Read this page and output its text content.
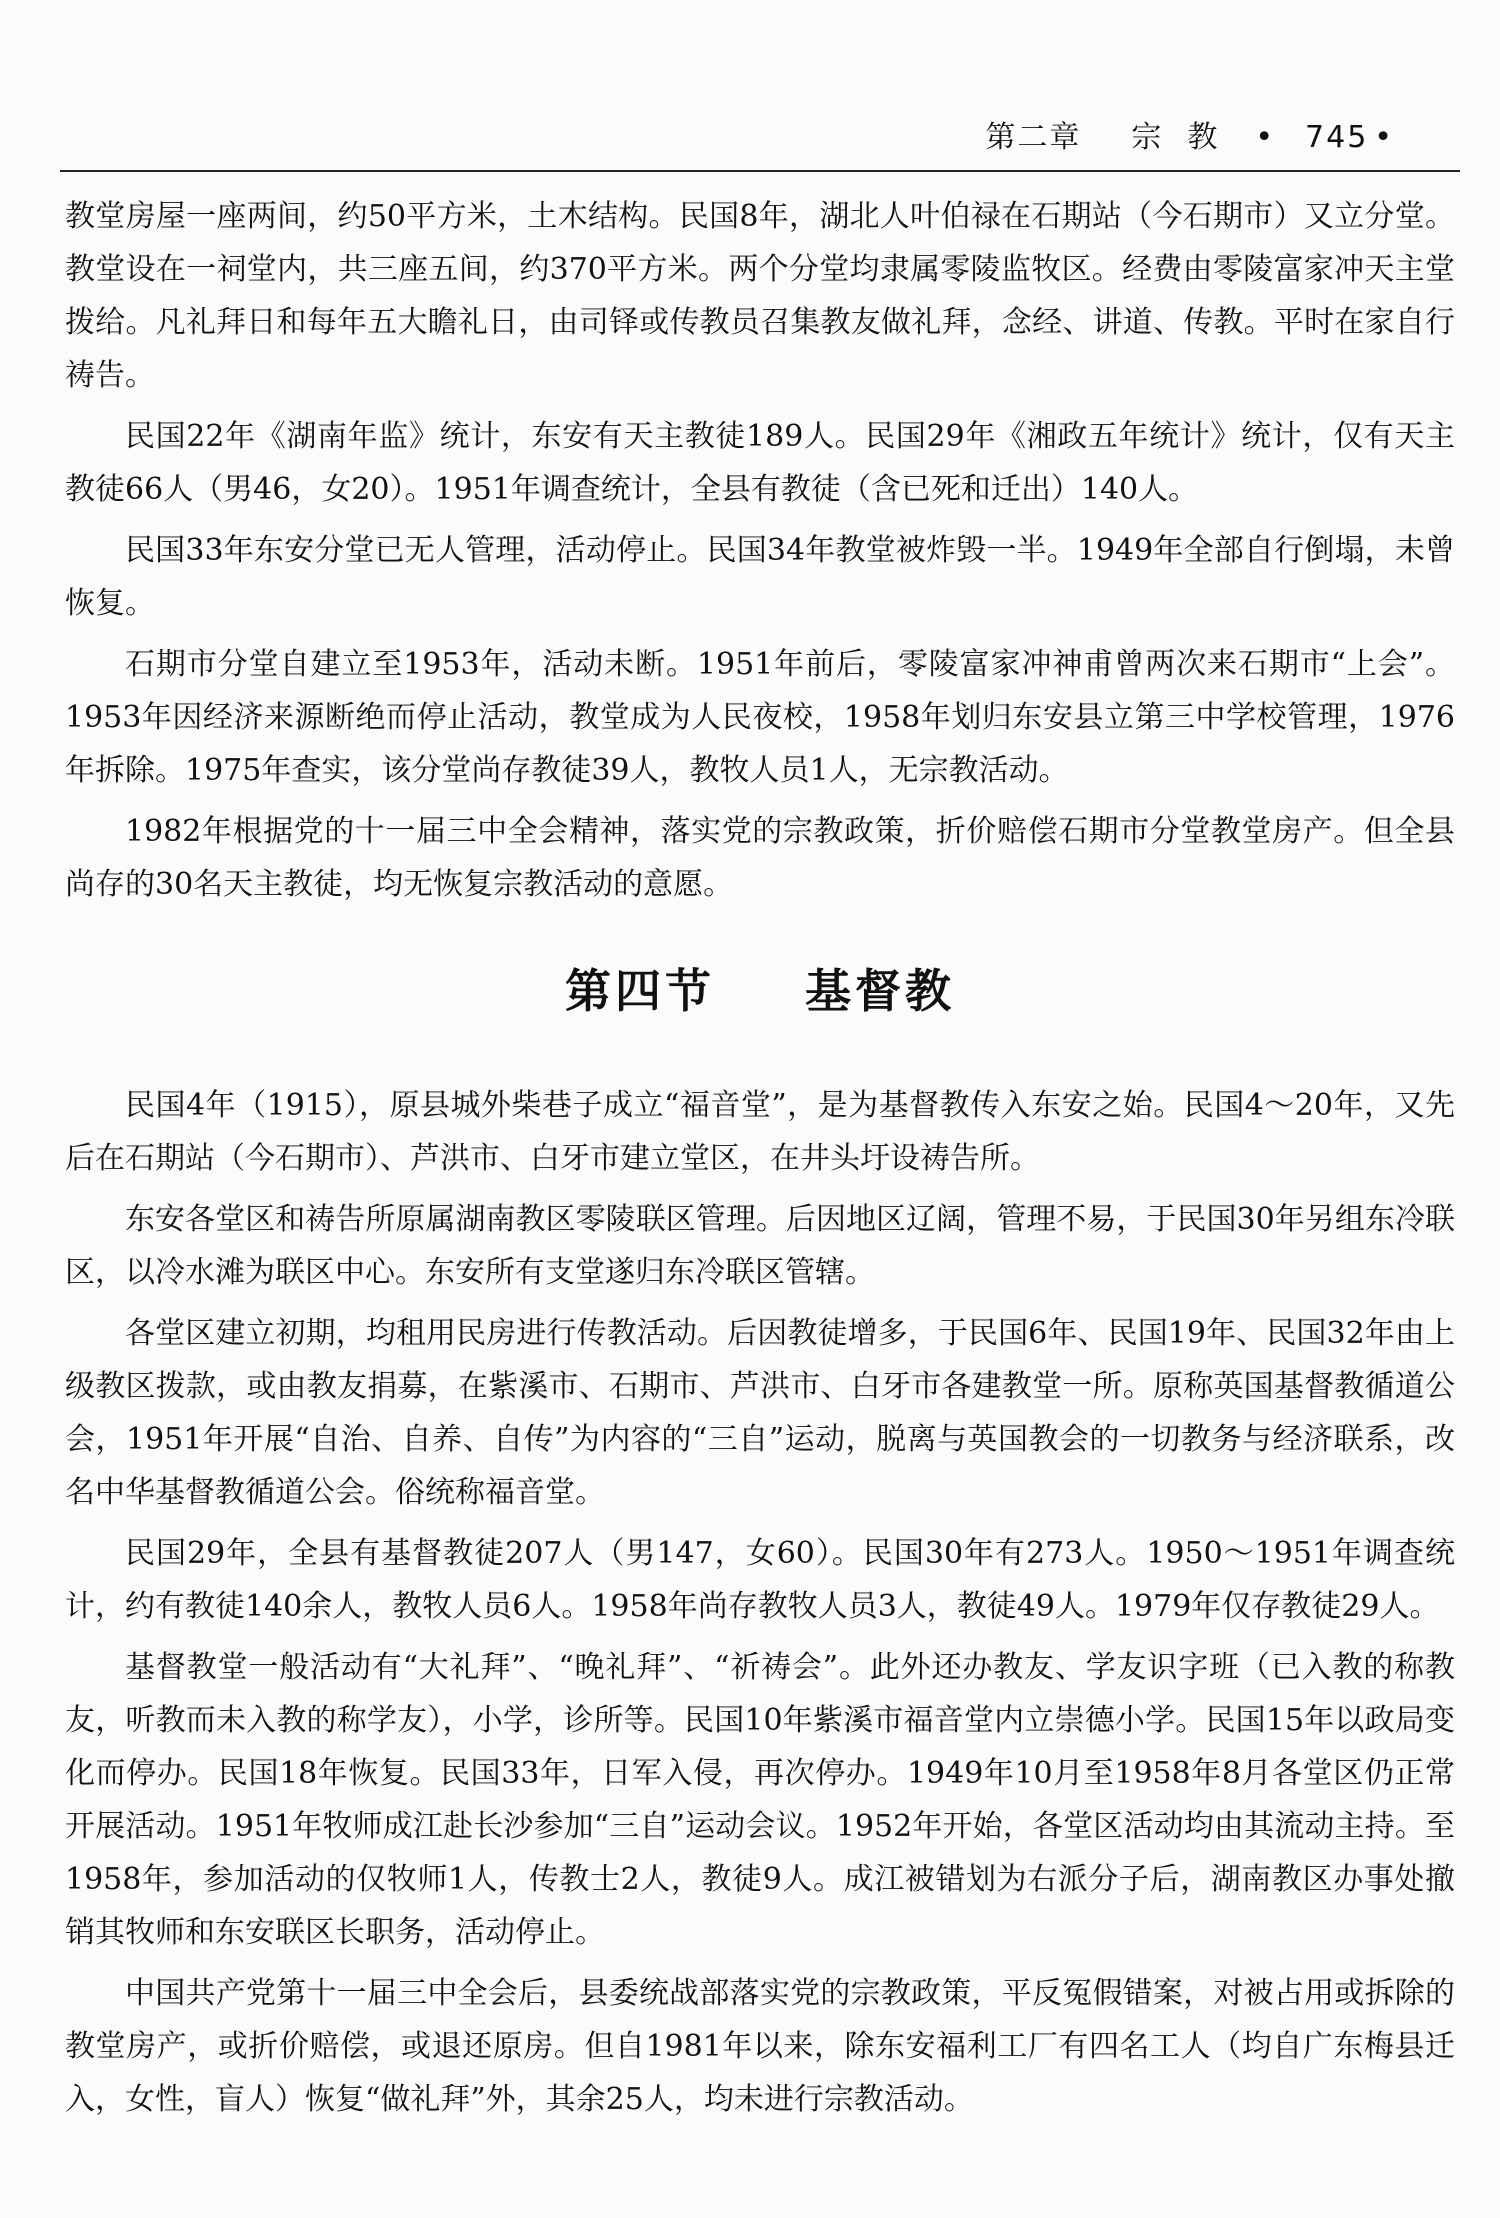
第二章 宗 教 • 745 •

教堂房屋一座两间，约50平方米，土木结构。民国8年，湖北人叶伯禄在石期站（今石期市）又立分堂。教堂设在一祠堂内，共三座五间，约370平方米。两个分堂均隶属零陵监牧区。经费由零陵富家冲天主堂拨给。凡礼拜日和每年五大瞻礼日，由司铎或传教员召集教友做礼拜，念经、讲道、传教。平时在家自行祷告。

民国22年《湖南年监》统计，东安有天主教徒189人。民国29年《湘政五年统计》统计，仅有天主教徒66人（男46，女20）。1951年调查统计，全县有教徒（含已死和迁出）140人。

民国33年东安分堂已无人管理，活动停止。民国34年教堂被炸毁一半。1949年全部自行倒塌，未曾恢复。

石期市分堂自建立至1953年，活动未断。1951年前后，零陵富家冲神甫曾两次来石期市“上会”。1953年因经济来源断绝而停止活动，教堂成为人民夜校，1958年划归东安县立第三中学校管理，1976年拆除。1975年查实，该分堂尚存教徒39人，教牧人员1人，无宗教活动。

1982年根据党的十一届三中全会精神，落实党的宗教政策，折价赔偿石期市分堂教堂房产。但全县尚存的30名天主教徒，均无恢复宗教活动的意愿。

第四节 基督教

民国4年（1915），原县城外柴巷子成立“福音堂”，是为基督教传入东安之始。民国4～20年，又先后在石期站（今石期市）、芦洪市、白牙市建立堂区，在井头圩设祷告所。

东安各堂区和祷告所原属湖南教区零陵联区管理。后因地区辽阔，管理不易，于民国30年另组东冷联区，以冷水滩为联区中心。东安所有支堂遂归东冷联区管辖。

各堂区建立初期，均租用民房进行传教活动。后因教徒增多，于民国6年、民国19年、民国32年由上级教区拨款，或由教友捐募，在紫溪市、石期市、芦洪市、白牙市各建教堂一所。原称英国基督教循道公会，1951年开展“自治、自养、自传”为内容的“三自”运动，脱离与英国教会的一切教务与经济联系，改名中华基督教循道公会。俗统称福音堂。

民国29年，全县有基督教徒207人（男147，女60）。民国30年有273人。1950～1951年调查统计，约有教徒140余人，教牧人员6人。1958年尚存教牧人员3人，教徒49人。1979年仅存教徒29人。

基督教堂一般活动有“大礼拜”、“晚礼拜”、“祈祷会”。此外还办教友、学友识字班（已入教的称教友，听教而未入教的称学友），小学，诊所等。民国10年紫溪市福音堂内立崇德小学。民国15年以政局变化而停办。民国18年恢复。民国33年，日军入侵，再次停办。1949年10月至1958年8月各堂区仍正常开展活动。1951年牧师成江赴长沙参加“三自”运动会议。1952年开始，各堂区活动均由其流动主持。至1958年，参加活动的仅牧师1人，传教士2人，教徒9人。成江被错划为右派分子后，湖南教区办事处撤销其牧师和东安联区长职务，活动停止。

中国共产党第十一届三中全会后，县委统战部落实党的宗教政策，平反冤假错案，对被占用或拆除的教堂房产，或折价赔偿，或退还原房。但自1981年以来，除东安福利工厂有四名工人（均自广东梅县迁入，女性，盲人）恢复“做礼拜”外，其余25人，均未进行宗教活动。
